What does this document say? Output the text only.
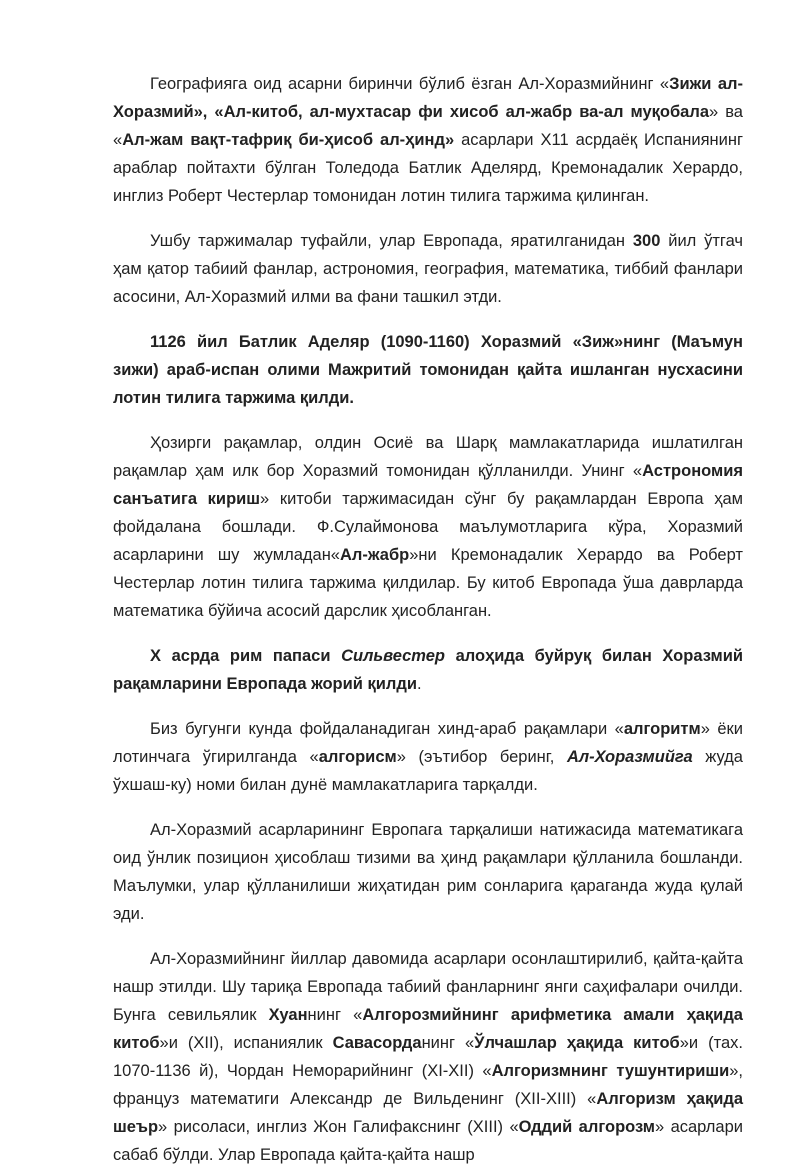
Географияга оид асарни биринчи бўлиб ёзган Ал-Хоразмийнинг «Зижи ал-Хоразмий», «Ал-китоб, ал-мухтасар фи хисоб ал-жабр ва-ал муқобала» ва «Ал-жам вақт-тафриқ би-ҳисоб ал-ҳинд» асарлари X11 асрдаёқ Испаниянинг араблар пойтахти бўлган Толедода Батлик Аделярд, Кремонадалик Херардо, инглиз Роберт Честерлар томонидан лотин тилига таржима қилинган.

Ушбу таржималар туфайли, улар Европада, яратилганидан 300 йил ўтгач ҳам қатор табиий фанлар, астрономия, география, математика, тиббий фанлари асосини, Ал-Хоразмий илми ва фани ташкил этди.

1126 йил Батлик Аделяр (1090-1160) Хоразмий «Зиж»нинг (Маъмун зижи) араб-испан олими Мажритий томонидан қайта ишланган нусхасини лотин тилига таржима қилди.

Ҳозирги рақамлар, олдин Осиё ва Шарқ мамлакатларида ишлатилган рақамлар ҳам илк бор Хоразмий томонидан қўлланилди. Унинг «Астрономия санъатига кириш» китоби таржимасидан сўнг бу рақамлардан Европа ҳам фойдалана бошлади. Ф.Сулаймонова маълумотларига кўра, Хоразмий асарларини шу жумладан«Ал-жабр»ни Кремонадалик Херардо ва Роберт Честерлар лотин тилига таржима қилдилар. Бу китоб Европада ўша даврларда математика бўйича асосий дарслик ҳисобланган.

X асрда рим папаси Сильвестер алоҳида буйруқ билан Хоразмий рақамларини Европада жорий қилди.

Биз бугунги кунда фойдаланадиган хинд-араб рақамлари «алгоритм» ёки лотинчага ўгирилганда «алгорисм» (эътибор беринг, Ал-Хоразмийга жуда ўхшаш-ку) номи билан дунё мамлакатларига тарқалди.

Ал-Хоразмий асарларининг Европага тарқалиши натижасида математикага оид ўнлик позицион ҳисоблаш тизими ва ҳинд рақамлари қўлланила бошланди. Маълумки, улар қўлланилиши жиҳатидан рим сонларига қараганда жуда қулай эди.

Ал-Хоразмийнинг йиллар давомида асарлари осонлаштирилиб, қайта-қайта нашр этилди. Шу тариқа Европада табиий фанларнинг янги саҳифалари очилди. Бунга севильялик Хуаннинг «Алгорозмийнинг арифметика амали ҳақида китоб»и (XII), испаниялик Савасорданинг «Ўлчашлар ҳақида китоб»и (тах. 1070-1136 й), Чордан Неморарийнинг (XI-XII) «Алгоризмнинг тушунтириши», француз математиги Александр де Вильденинг (XII-XIII) «Алгоризм ҳақида шеър» рисоласи, инглиз Жон Галифакснинг (XIII) «Оддий алгорозм» асарлари сабаб бўлди. Улар Европада қайта-қайта нашр
